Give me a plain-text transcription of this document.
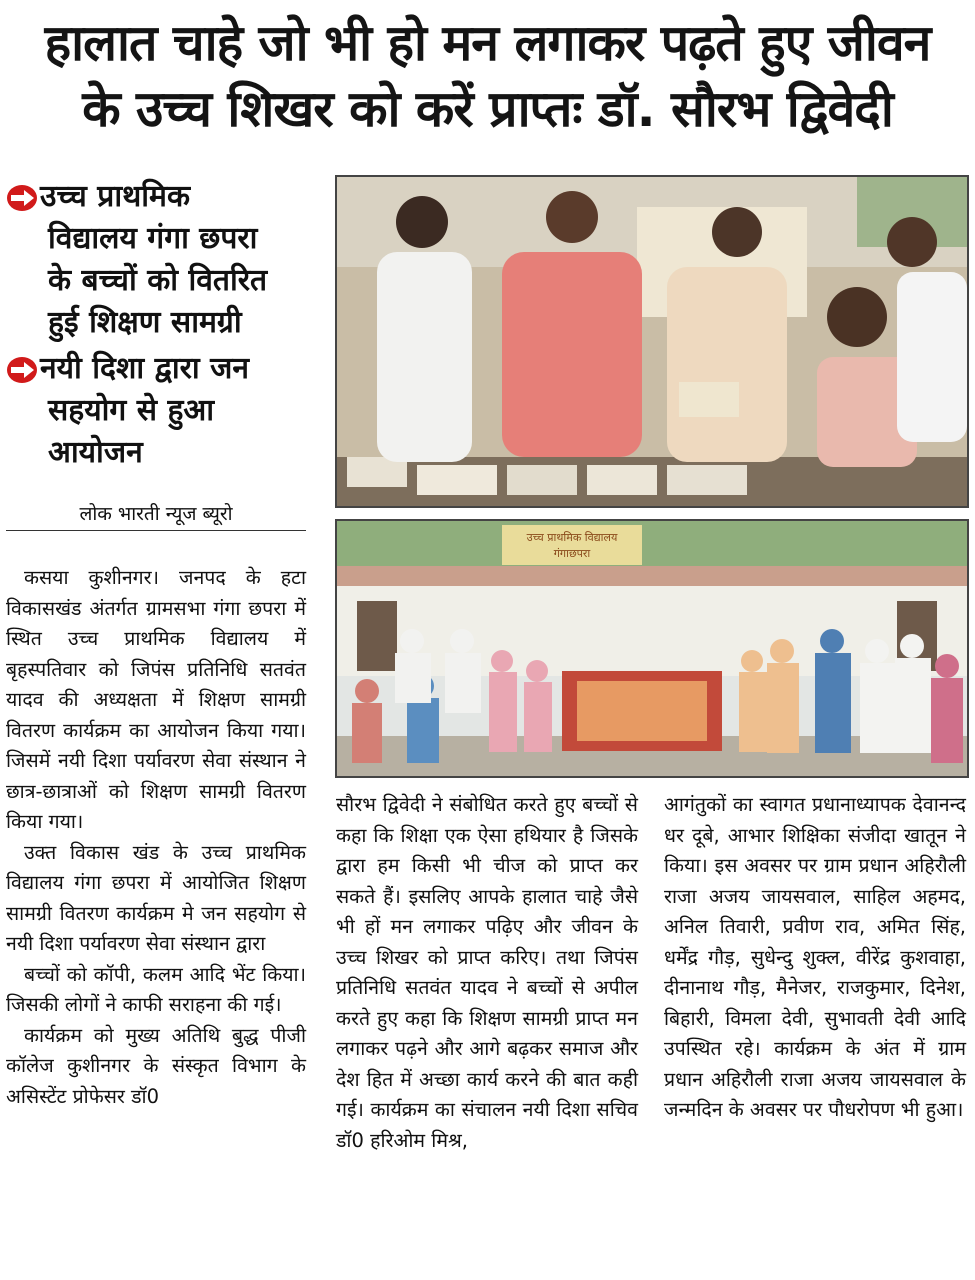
हालात चाहे जो भी हो मन लगाकर पढ़ते हुए जीवन
के उच्च शिखर को करें प्राप्तः डॉ. सौरभ द्विवेदी
उच्च प्राथमिक
विद्यालय गंगा छपरा
के बच्चों को वितरित
हुई शिक्षण सामग्री
नयी दिशा द्वारा जन
सहयोग से हुआ
आयोजन
लोक भारती न्यूज ब्यूरो
उच्च प्राथमिक विद्यालय
गंगाछपरा

कसया कुशीनगर। जनपद के हटा विकासखंड अंतर्गत ग्रामसभा गंगा छपरा में स्थित उच्च प्राथमिक विद्यालय में बृहस्पतिवार को जिपंस प्रतिनिधि सतवंत यादव की अध्यक्षता में शिक्षण सामग्री वितरण कार्यक्रम का आयोजन किया गया। जिसमें नयी दिशा पर्यावरण सेवा संस्थान ने छात्र-छात्राओं को शिक्षण सामग्री वितरण किया गया।

उक्त विकास खंड के उच्च प्राथमिक विद्यालय गंगा छपरा में आयोजित शिक्षण सामग्री वितरण कार्यक्रम मे जन सहयोग से नयी दिशा पर्यावरण सेवा संस्थान द्वारा

बच्चों को कॉपी, कलम आदि भेंट किया। जिसकी लोगों ने काफी सराहना की गई।

कार्यक्रम को मुख्य अतिथि बुद्ध पीजी कॉलेज कुशीनगर के संस्कृत विभाग के असिस्टेंट प्रोफेसर डॉ0

सौरभ द्विवेदी ने संबोधित करते हुए बच्चों से कहा कि शिक्षा एक ऐसा हथियार है जिसके द्वारा हम किसी भी चीज को प्राप्त कर सकते हैं। इसलिए आपके हालात चाहे जैसे भी हों मन लगाकर पढ़िए और जीवन के उच्च शिखर को प्राप्त करिए। तथा जिपंस प्रतिनिधि सतवंत यादव ने बच्चों से अपील करते हुए कहा कि शिक्षण सामग्री प्राप्त मन लगाकर पढ़ने और आगे बढ़कर समाज और देश हित में अच्छा कार्य करने की बात कही गई। कार्यक्रम का संचालन नयी दिशा सचिव डॉ0 हरिओम मिश्र,

आगंतुकों का स्वागत प्रधानाध्यापक देवानन्द धर दूबे, आभार शिक्षिका संजीदा खातून ने किया। इस अवसर पर ग्राम प्रधान अहिरौली राजा अजय जायसवाल, साहिल अहमद, अनिल तिवारी, प्रवीण राव, अमित सिंह, धर्मेंद्र गौड़, सुधेन्दु शुक्ल, वीरेंद्र कुशवाहा, दीनानाथ गौड़, मैनेजर, राजकुमार, दिनेश, बिहारी, विमला देवी, सुभावती देवी आदि उपस्थित रहे। कार्यक्रम के अंत में ग्राम प्रधान अहिरौली राजा अजय जायसवाल के जन्मदिन के अवसर पर पौधरोपण भी हुआ।
